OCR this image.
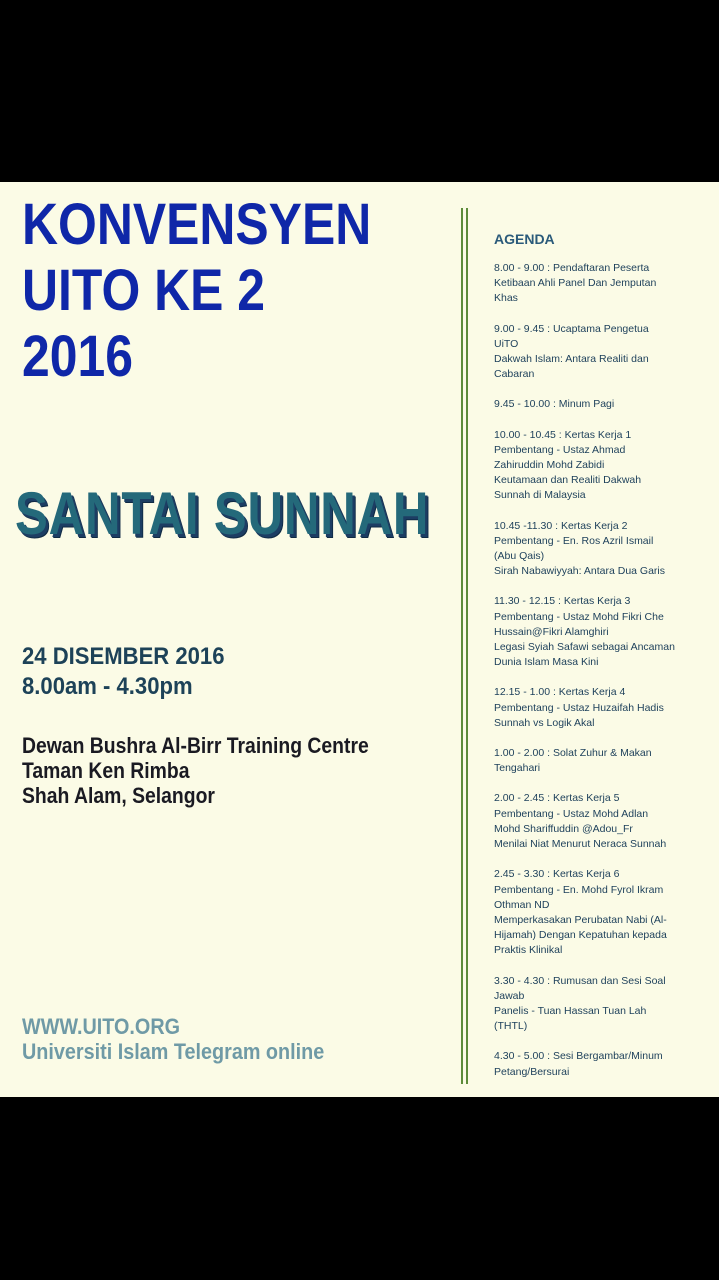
KONVENSYEN
UITO KE 2
2016
SANTAI SUNNAH
24 DISEMBER 2016
8.00am - 4.30pm
Dewan Bushra Al-Birr Training Centre
Taman Ken Rimba
Shah Alam, Selangor
WWW.UITO.ORG
Universiti Islam Telegram online
AGENDA
8.00 - 9.00 : Pendaftaran Peserta
Ketibaan Ahli Panel Dan Jemputan
Khas
9.00 - 9.45 : Ucaptama Pengetua
UiTO
Dakwah Islam: Antara Realiti dan
Cabaran
9.45 - 10.00 : Minum Pagi
10.00 - 10.45 : Kertas Kerja 1
Pembentang - Ustaz Ahmad
Zahiruddin Mohd Zabidi
Keutamaan dan Realiti Dakwah
Sunnah di Malaysia
10.45 -11.30 : Kertas Kerja 2
Pembentang - En. Ros Azril Ismail
(Abu Qais)
Sirah Nabawiyyah: Antara Dua Garis
11.30 - 12.15 : Kertas Kerja 3
Pembentang - Ustaz Mohd Fikri Che
Hussain@Fikri Alamghiri
Legasi Syiah Safawi sebagai Ancaman
Dunia Islam Masa Kini
12.15 - 1.00 : Kertas Kerja 4
Pembentang - Ustaz Huzaifah Hadis
Sunnah vs Logik Akal
1.00 - 2.00 : Solat Zuhur & Makan
Tengahari
2.00 - 2.45 : Kertas Kerja 5
Pembentang - Ustaz Mohd Adlan
Mohd Shariffuddin @Adou_Fr
Menilai Niat Menurut Neraca Sunnah
2.45 - 3.30 : Kertas Kerja 6
Pembentang - En. Mohd Fyrol Ikram
Othman ND
Memperkasakan Perubatan Nabi (Al-
Hijamah) Dengan Kepatuhan kepada
Praktis Klinikal
3.30 - 4.30 : Rumusan dan Sesi Soal
Jawab
Panelis - Tuan Hassan Tuan Lah
(THTL)
4.30 - 5.00 : Sesi Bergambar/Minum
Petang/Bersurai
